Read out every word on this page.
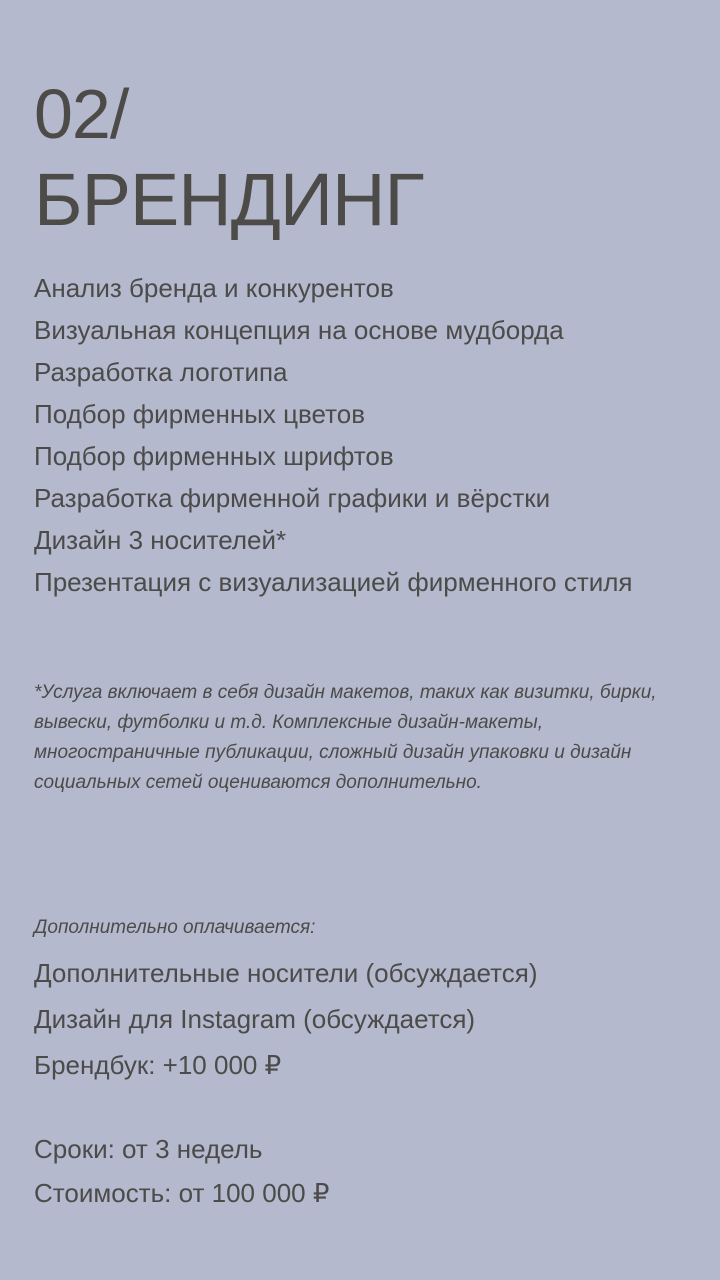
02/
БРЕНДИНГ
Анализ бренда и конкурентов
Визуальная концепция на основе мудборда
Разработка логотипа
Подбор фирменных цветов
Подбор фирменных шрифтов
Разработка фирменной графики и вёрстки
Дизайн 3 носителей*
Презентация с визуализацией фирменного стиля

*Услуга включает в себя дизайн макетов, таких как визитки, бирки, вывески, футболки и т.д. Комплексные дизайн-макеты, многостраничные публикации, сложный дизайн упаковки и дизайн социальных сетей оцениваются дополнительно.

Дополнительно оплачивается:
Дополнительные носители (обсуждается)
Дизайн для Instagram (обсуждается)
Брендбук: +10 000 ₽
Сроки: от 3 недель
Стоимость: от 100 000 ₽
